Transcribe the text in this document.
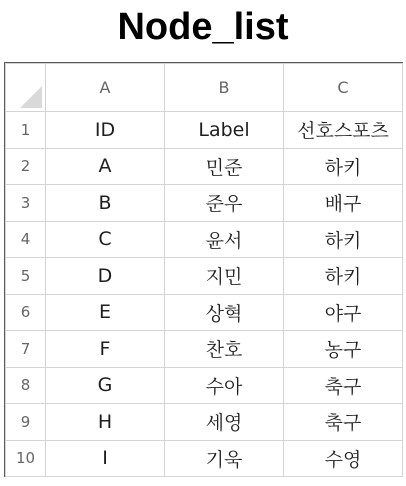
Node_list
	A	B	C
1	ID	Label	선호스포츠
2	A	민준	하키
3	B	준우	배구
4	C	윤서	하키
5	D	지민	하키
6	E	상혁	야구
7	F	찬호	농구
8	G	수아	축구
9	H	세영	축구
10	I	기욱	수영
